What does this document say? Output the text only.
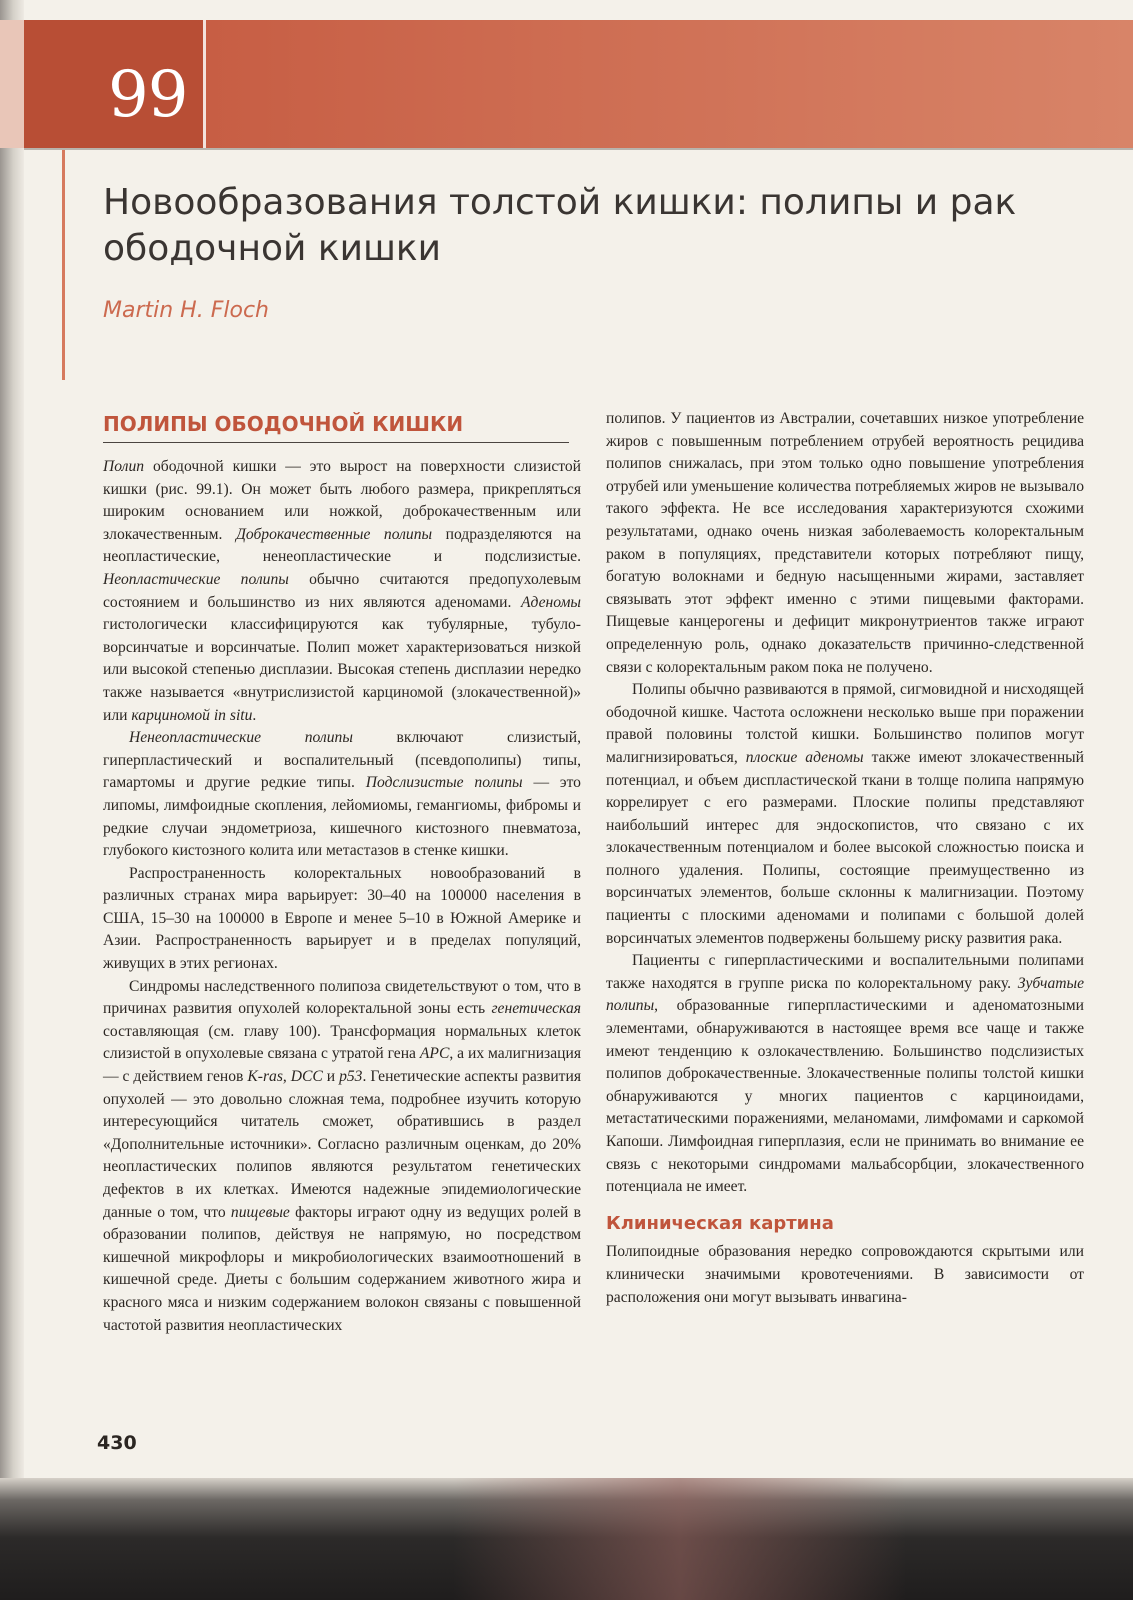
99
Новообразования толстой кишки: полипы и рак ободочной кишки

Martin H. Floch

ПОЛИПЫ ОБОДОЧНОЙ КИШКИ

Полип ободочной кишки — это вырост на поверхности слизистой кишки (рис. 99.1). Он может быть любого размера, прикрепляться широким основанием или ножкой, доброкачественным или злокачественным. Доброкачественные полипы подразделяются на неопластические, ненеопластические и подслизистые. Неопластические полипы обычно считаются предопухолевым состоянием и большинство из них являются аденомами. Аденомы гистологически классифицируются как тубулярные, тубуло-ворсинчатые и ворсинчатые. Полип может характеризоваться низкой или высокой степенью дисплазии. Высокая степень дисплазии нередко также называется «внутрислизистой карциномой (злокачественной)» или карциномой in situ.

Ненеопластические полипы включают слизистый, гиперпластический и воспалительный (псевдополипы) типы, гамартомы и другие редкие типы. Подслизистые полипы — это липомы, лимфоидные скопления, лейомиомы, гемангиомы, фибромы и редкие случаи эндометриоза, кишечного кистозного пневматоза, глубокого кистозного колита или метастазов в стенке кишки.

Распространенность колоректальных новообразований в различных странах мира варьирует: 30–40 на 100000 населения в США, 15–30 на 100000 в Европе и менее 5–10 в Южной Америке и Азии. Распространенность варьирует и в пределах популяций, живущих в этих регионах.

Синдромы наследственного полипоза свидетельствуют о том, что в причинах развития опухолей колоректальной зоны есть генетическая составляющая (см. главу 100). Трансформация нормальных клеток слизистой в опухолевые связана с утратой гена APC, а их малигнизация — с действием генов K-ras, DCC и p53. Генетические аспекты развития опухолей — это довольно сложная тема, подробнее изучить которую интересующийся читатель сможет, обратившись в раздел «Дополнительные источники». Согласно различным оценкам, до 20% неопластических полипов являются результатом генетических дефектов в их клетках. Имеются надежные эпидемиологические данные о том, что пищевые факторы играют одну из ведущих ролей в образовании полипов, действуя не напрямую, но посредством кишечной микрофлоры и микробиологических взаимоотношений в кишечной среде. Диеты с большим содержанием животного жира и красного мяса и низким содержанием волокон связаны с повышенной частотой развития неопластических

полипов. У пациентов из Австралии, сочетавших низкое употребление жиров с повышенным потреблением отрубей вероятность рецидива полипов снижалась, при этом только одно повышение употребления отрубей или уменьшение количества потребляемых жиров не вызывало такого эффекта. Не все исследования характеризуются схожими результатами, однако очень низкая заболеваемость колоректальным раком в популяциях, представители которых потребляют пищу, богатую волокнами и бедную насыщенными жирами, заставляет связывать этот эффект именно с этими пищевыми факторами. Пищевые канцерогены и дефицит микронутриентов также играют определенную роль, однако доказательств причинно-следственной связи с колоректальным раком пока не получено.

Полипы обычно развиваются в прямой, сигмовидной и нисходящей ободочной кишке. Частота осложнени несколько выше при поражении правой половины толстой кишки. Большинство полипов могут малигнизироваться, плоские аденомы также имеют злокачественный потенциал, и объем диспластической ткани в толще полипа напрямую коррелирует с его размерами. Плоские полипы представляют наибольший интерес для эндоскопистов, что связано с их злокачественным потенциалом и более высокой сложностью поиска и полного удаления. Полипы, состоящие преимущественно из ворсинчатых элементов, больше склонны к малигнизации. Поэтому пациенты с плоскими аденомами и полипами с большой долей ворсинчатых элементов подвержены большему риску развития рака.

Пациенты с гиперпластическими и воспалительными полипами также находятся в группе риска по колоректальному раку. Зубчатые полипы, образованные гиперпластическими и аденоматозными элементами, обнаруживаются в настоящее время все чаще и также имеют тенденцию к озлокачествлению. Большинство подслизистых полипов доброкачественные. Злокачественные полипы толстой кишки обнаруживаются у многих пациентов с карциноидами, метастатическими поражениями, меланомами, лимфомами и саркомой Капоши. Лимфоидная гиперплазия, если не принимать во внимание ее связь с некоторыми синдромами мальабсорбции, злокачественного потенциала не имеет.

Клиническая картина

Полипоидные образования нередко сопровождаются скрытыми или клинически значимыми кровотечениями. В зависимости от расположения они могут вызывать инвагина-

430
